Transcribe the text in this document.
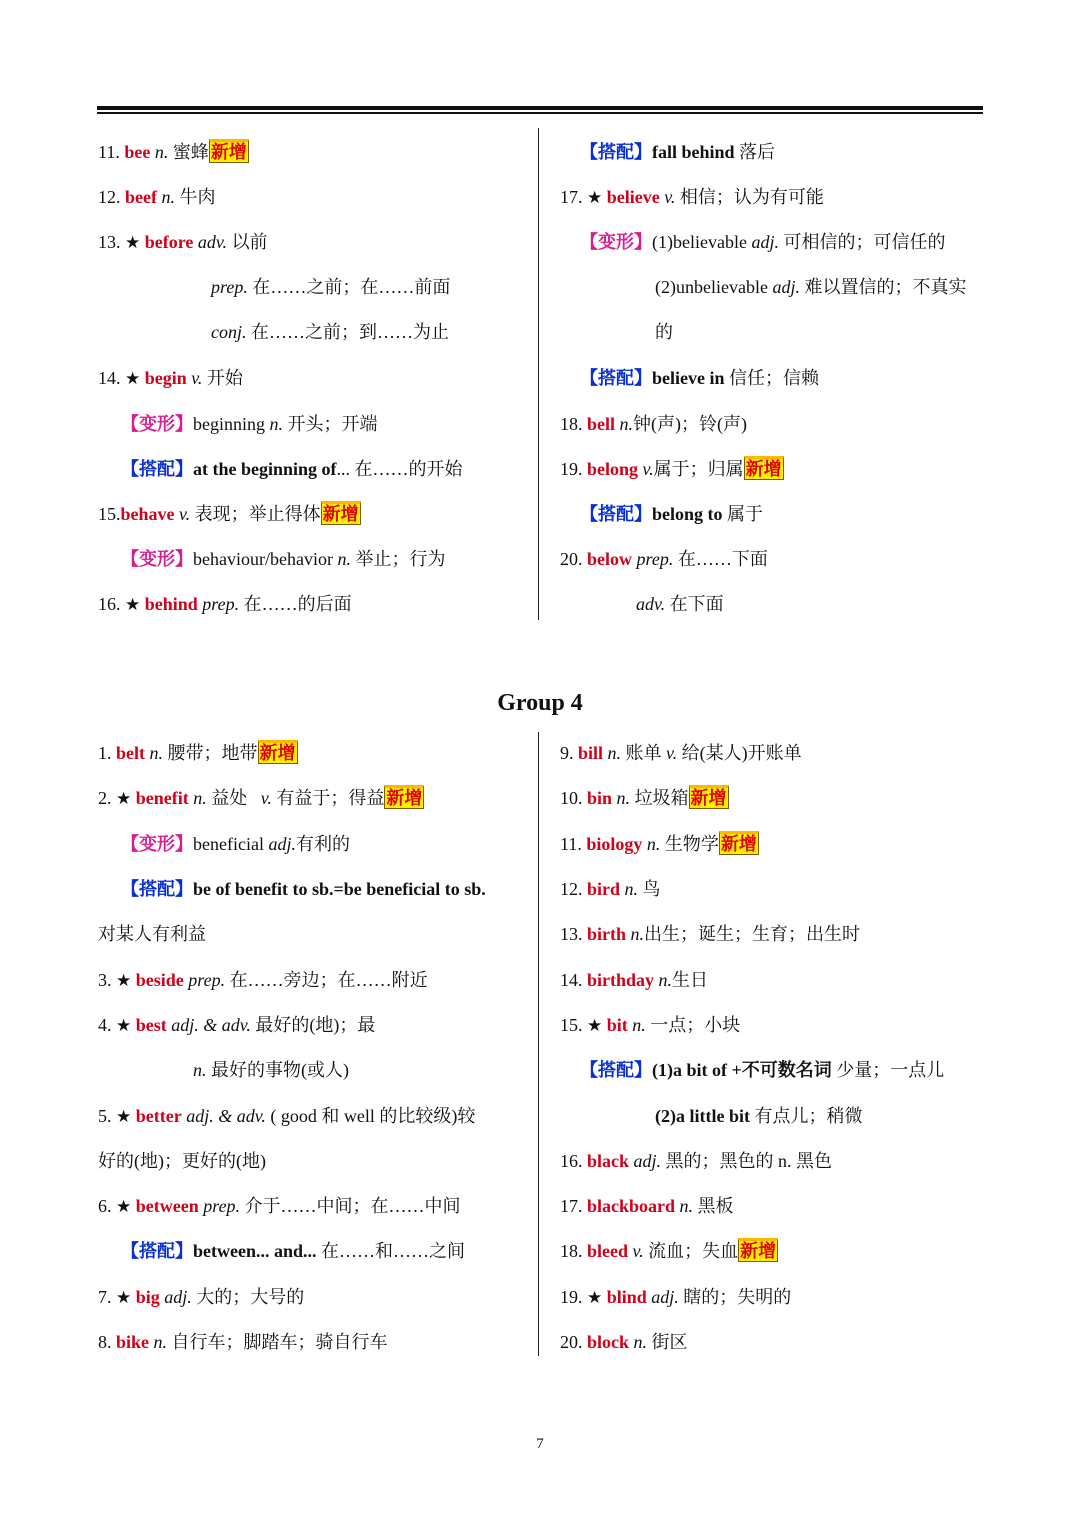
11. bee n. 蜜蜂 新增
12. beef n. 牛肉
13. ★ before adv. 以前
prep. 在……之前；在……前面
conj. 在……之前；到……为止
14. ★ begin v. 开始
【变形】beginning n. 开头；开端
【搭配】at the beginning of... 在……的开始
15.behave v. 表现；举止得体 新增
【变形】behaviour/behavior n. 举止；行为
16. ★ behind prep. 在……的后面
【搭配】fall behind 落后
17. ★ believe v. 相信；认为有可能
【变形】(1)believable adj. 可相信的；可信任的
(2)unbelievable adj. 难以置信的；不真实
的
【搭配】believe in 信任；信赖
18. bell n.钟(声)；铃(声)
19. belong v.属于；归属 新增
【搭配】belong to 属于
20. below prep. 在……下面
adv. 在下面
Group 4
1. belt n. 腰带；地带 新增
2. ★ benefit n. 益处 v. 有益于；得益 新增
【变形】beneficial adj.有利的
【搭配】be of benefit to sb.=be beneficial to sb.
对某人有利益
3. ★ beside prep. 在……旁边；在……附近
4. ★ best adj. & adv. 最好的(地)；最
n. 最好的事物(或人)
5. ★ better adj. & adv. ( good 和 well 的比较级)较
好的(地)；更好的(地)
6. ★ between prep. 介于……中间；在……中间
【搭配】between... and... 在……和……之间
7. ★ big adj. 大的；大号的
8. bike n. 自行车；脚踏车；骑自行车
9. bill n. 账单 v. 给(某人)开账单
10. bin n. 垃圾箱 新增
11. biology n. 生物学 新增
12. bird n. 鸟
13. birth n.出生；诞生；生育；出生时
14. birthday n.生日
15. ★ bit n. 一点；小块
【搭配】(1)a bit of +不可数名词 少量；一点儿
(2)a little bit 有点儿；稍微
16. black adj. 黑的；黑色的 n. 黑色
17. blackboard n. 黑板
18. bleed v. 流血；失血 新增
19. ★ blind adj. 瞎的；失明的
20. block n. 街区
7
